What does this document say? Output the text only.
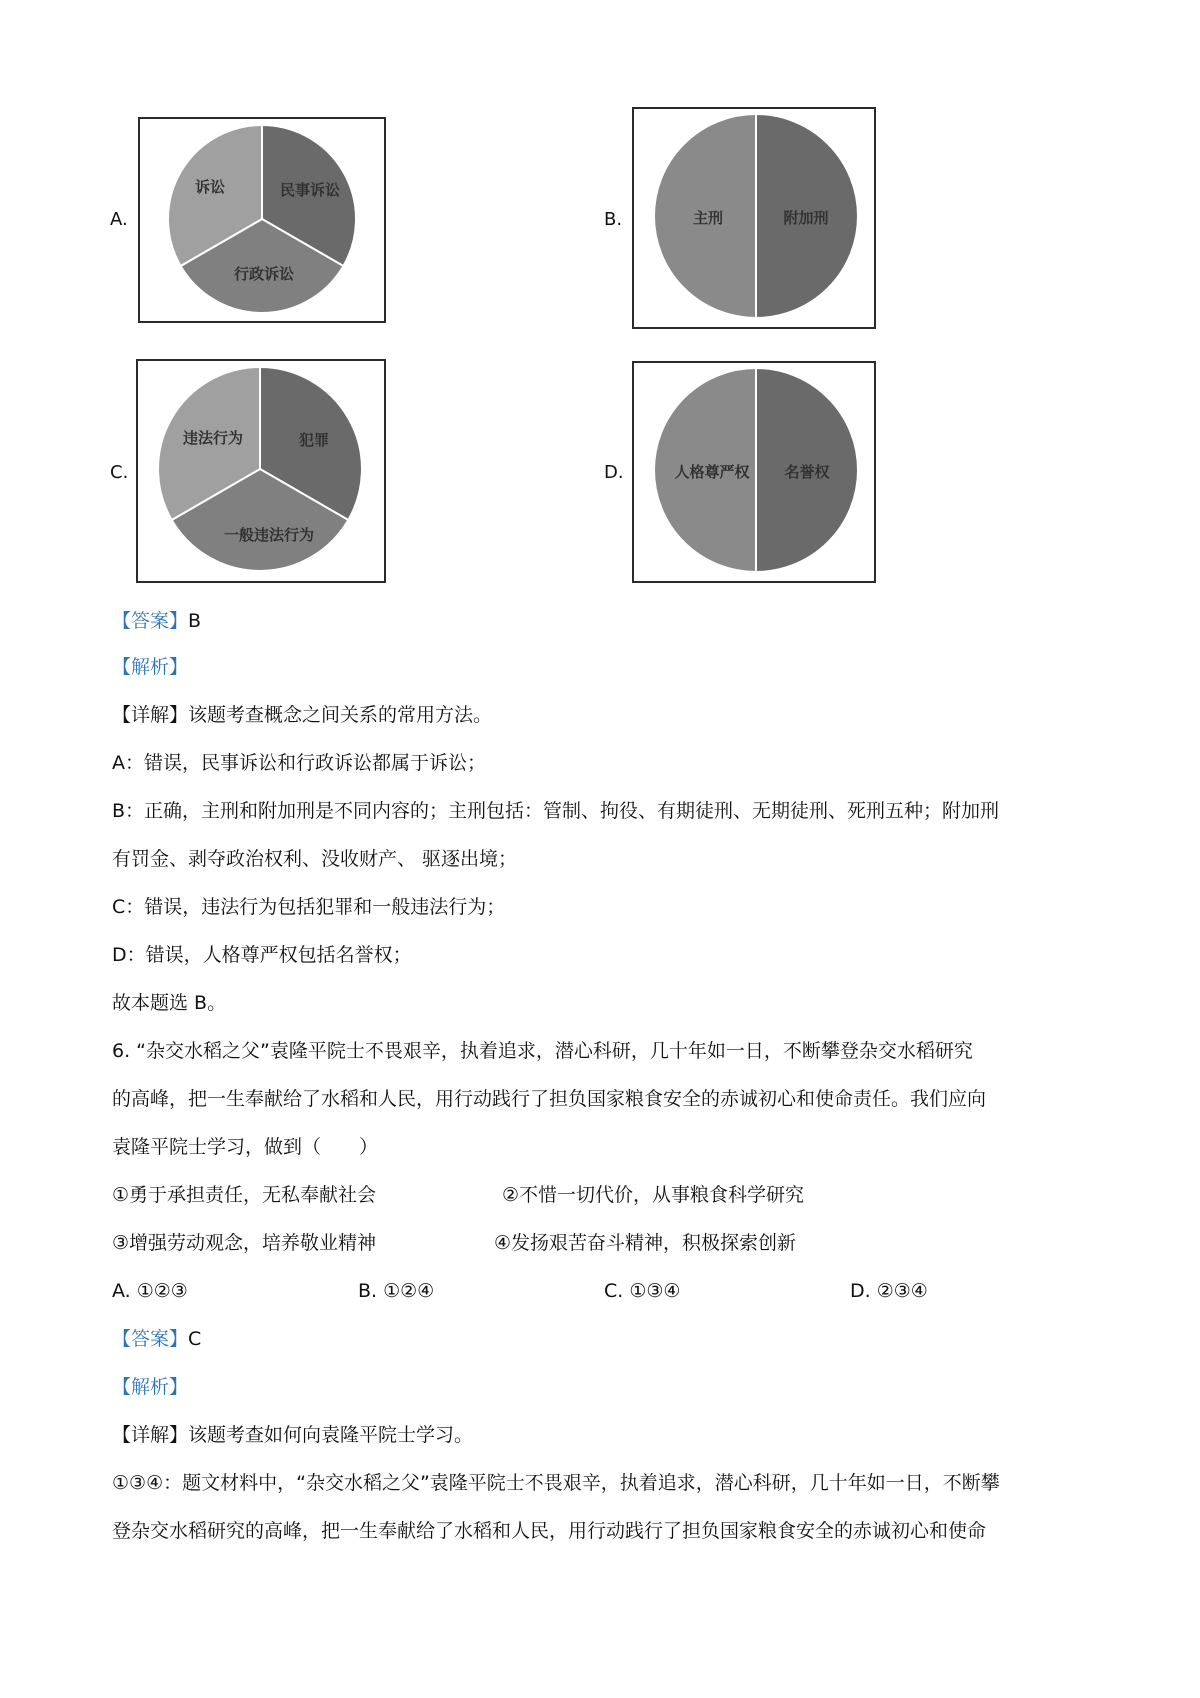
A.
民事诉讼
行政诉讼
诉讼
B.	主刑	附加刑
C.
犯罪
一般违法行为
违法行为
D.	人格尊严权 名誉权
【答案】B
【解析】
【详解】该题考查概念之间关系的常用方法。
A：错误，民事诉讼和行政诉讼都属于诉讼；
B：正确，主刑和附加刑是不同内容的；主刑包括：管制、拘役、有期徒刑、无期徒刑、死刑五种；附加刑
有罚金、剥夺政治权利、没收财产、 驱逐出境；
C：错误，违法行为包括犯罪和一般违法行为；
D：错误，人格尊严权包括名誉权；
故本题选 B。
6. “杂交水稻之父”袁隆平院士不畏艰辛，执着追求，潜心科研，几十年如一日，不断攀登杂交水稻研究
的高峰，把一生奉献给了水稻和人民，用行动践行了担负国家粮食安全的赤诚初心和使命责任。我们应向
袁隆平院士学习，做到（　　）
①勇于承担责任，无私奉献社会	②不惜一切代价，从事粮食科学研究
③增强劳动观念，培养敬业精神	④发扬艰苦奋斗精神，积极探索创新
A. ①②③	B. ①②④	C. ①③④	D. ②③④
【答案】C
【解析】
【详解】该题考查如何向袁隆平院士学习。
①③④：题文材料中，“杂交水稻之父”袁隆平院士不畏艰辛，执着追求，潜心科研，几十年如一日，不断攀
登杂交水稻研究的高峰，把一生奉献给了水稻和人民，用行动践行了担负国家粮食安全的赤诚初心和使命
